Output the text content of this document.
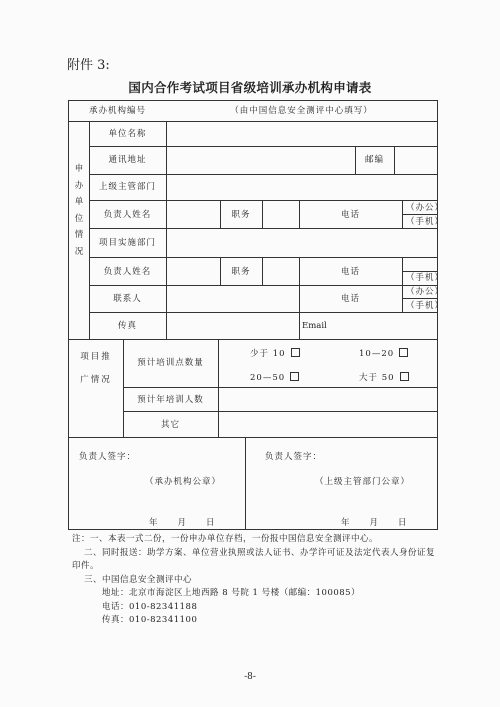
附件 3:
国内合作考试项目省级培训承办机构申请表
承办机构编号	（由中国信息安全测评中心填写）
申办单位情况
单位名称
通讯地址	邮编
上级主管部门
负责人姓名	职务	电话
（办公）
（手机）
项目实施部门
负责人姓名	职务	电话
（手机）
联系人	电话
（办公）
（手机）
传真	Email
项目推广情况
预计培训点数量
少于 10	10—20
20—50	大于 50
预计年培训人数
其它
负责人签字：
（承办机构公章）
年 月 日
负责人签字：
（上级主管部门公章）
年 月 日
注：一、本表一式二份，一份申办单位存档，一份报中国信息安全测评中心。
二、同时报送：助学方案、单位营业执照或法人证书、办学许可证及法定代表人身份证复
印件。
三、中国信息安全测评中心
地址：北京市海淀区上地西路 8 号院 1 号楼（邮编：100085）
电话：010-82341188
传真：010-82341100
-8-
